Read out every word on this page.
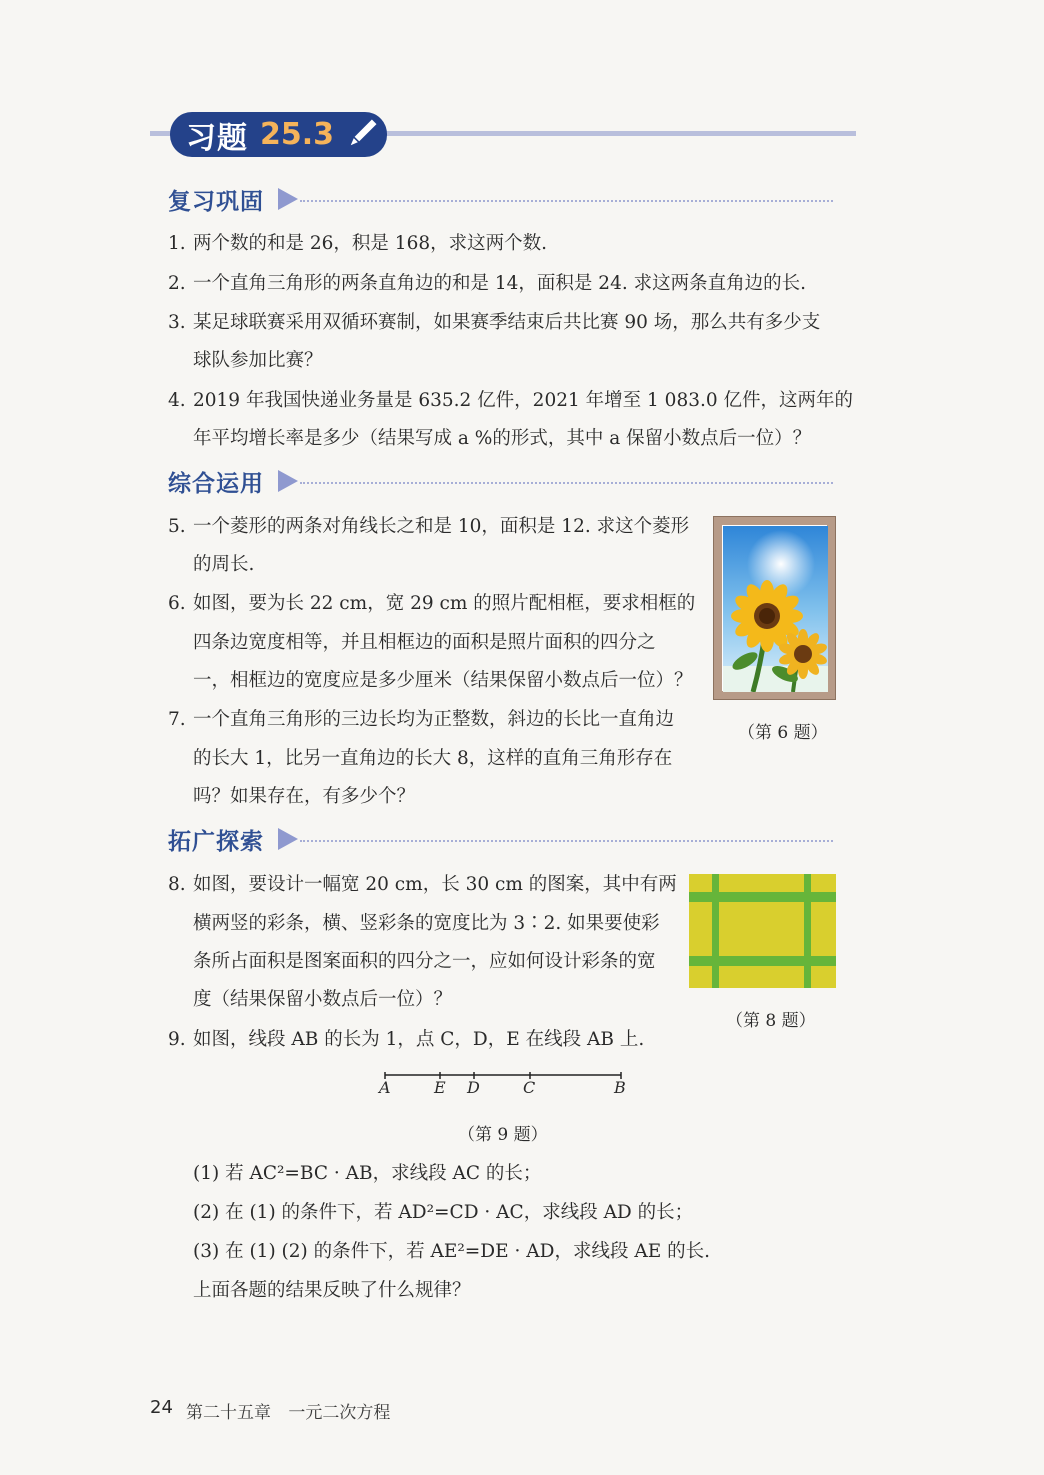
习题 25.3
复习巩固
1. 两个数的和是 26，积是 168，求这两个数.
2. 一个直角三角形的两条直角边的和是 14，面积是 24. 求这两条直角边的长.
3. 某足球联赛采用双循环赛制，如果赛季结束后共比赛 90 场，那么共有多少支
球队参加比赛？
4. 2019 年我国快递业务量是 635.2 亿件，2021 年增至 1 083.0 亿件，这两年的
年平均增长率是多少（结果写成 a %的形式，其中 a 保留小数点后一位）？
综合运用
5. 一个菱形的两条对角线长之和是 10，面积是 12. 求这个菱形
的周长.
6. 如图，要为长 22 cm，宽 29 cm 的照片配相框，要求相框的
四条边宽度相等，并且相框边的面积是照片面积的四分之
一，相框边的宽度应是多少厘米（结果保留小数点后一位）？
7. 一个直角三角形的三边长均为正整数，斜边的长比一直角边
的长大 1，比另一直角边的长大 8，这样的直角三角形存在
吗？如果存在，有多少个？
（第 6 题）
拓广探索
8. 如图，要设计一幅宽 20 cm，长 30 cm 的图案，其中有两
横两竖的彩条，横、竖彩条的宽度比为 3∶2. 如果要使彩
条所占面积是图案面积的四分之一，应如何设计彩条的宽
度（结果保留小数点后一位）？
（第 8 题）
9. 如图，线段 AB 的长为 1，点 C，D，E 在线段 AB 上.
A	E D	C	B
（第 9 题）
(1) 若 AC²=BC · AB，求线段 AC 的长；
(2) 在 (1) 的条件下，若 AD²=CD · AC，求线段 AD 的长；
(3) 在 (1) (2) 的条件下，若 AE²=DE · AD，求线段 AE 的长.
上面各题的结果反映了什么规律？
24 第二十五章 一元二次方程
